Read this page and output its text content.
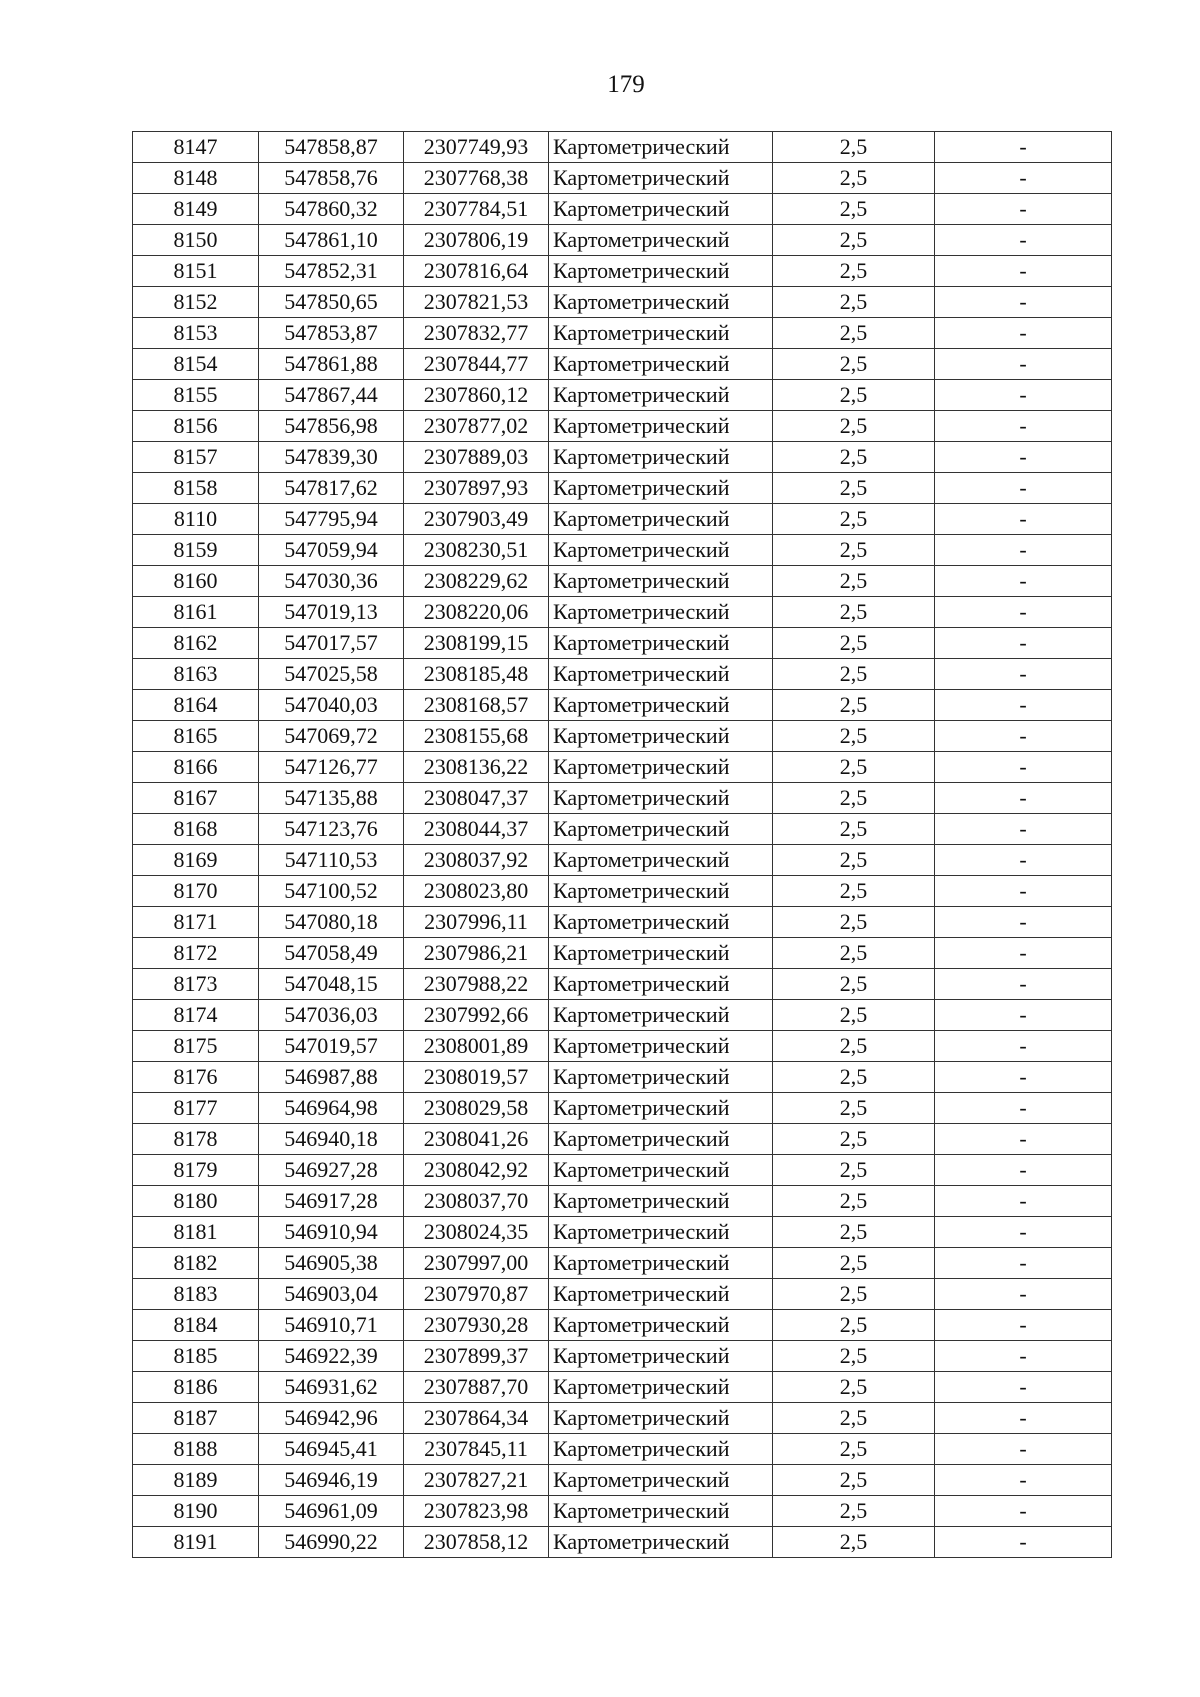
179
8147	547858,87	2307749,93	Картометрический	2,5	-
8148	547858,76	2307768,38	Картометрический	2,5	-
8149	547860,32	2307784,51	Картометрический	2,5	-
8150	547861,10	2307806,19	Картометрический	2,5	-
8151	547852,31	2307816,64	Картометрический	2,5	-
8152	547850,65	2307821,53	Картометрический	2,5	-
8153	547853,87	2307832,77	Картометрический	2,5	-
8154	547861,88	2307844,77	Картометрический	2,5	-
8155	547867,44	2307860,12	Картометрический	2,5	-
8156	547856,98	2307877,02	Картометрический	2,5	-
8157	547839,30	2307889,03	Картометрический	2,5	-
8158	547817,62	2307897,93	Картометрический	2,5	-
8110	547795,94	2307903,49	Картометрический	2,5	-
8159	547059,94	2308230,51	Картометрический	2,5	-
8160	547030,36	2308229,62	Картометрический	2,5	-
8161	547019,13	2308220,06	Картометрический	2,5	-
8162	547017,57	2308199,15	Картометрический	2,5	-
8163	547025,58	2308185,48	Картометрический	2,5	-
8164	547040,03	2308168,57	Картометрический	2,5	-
8165	547069,72	2308155,68	Картометрический	2,5	-
8166	547126,77	2308136,22	Картометрический	2,5	-
8167	547135,88	2308047,37	Картометрический	2,5	-
8168	547123,76	2308044,37	Картометрический	2,5	-
8169	547110,53	2308037,92	Картометрический	2,5	-
8170	547100,52	2308023,80	Картометрический	2,5	-
8171	547080,18	2307996,11	Картометрический	2,5	-
8172	547058,49	2307986,21	Картометрический	2,5	-
8173	547048,15	2307988,22	Картометрический	2,5	-
8174	547036,03	2307992,66	Картометрический	2,5	-
8175	547019,57	2308001,89	Картометрический	2,5	-
8176	546987,88	2308019,57	Картометрический	2,5	-
8177	546964,98	2308029,58	Картометрический	2,5	-
8178	546940,18	2308041,26	Картометрический	2,5	-
8179	546927,28	2308042,92	Картометрический	2,5	-
8180	546917,28	2308037,70	Картометрический	2,5	-
8181	546910,94	2308024,35	Картометрический	2,5	-
8182	546905,38	2307997,00	Картометрический	2,5	-
8183	546903,04	2307970,87	Картометрический	2,5	-
8184	546910,71	2307930,28	Картометрический	2,5	-
8185	546922,39	2307899,37	Картометрический	2,5	-
8186	546931,62	2307887,70	Картометрический	2,5	-
8187	546942,96	2307864,34	Картометрический	2,5	-
8188	546945,41	2307845,11	Картометрический	2,5	-
8189	546946,19	2307827,21	Картометрический	2,5	-
8190	546961,09	2307823,98	Картометрический	2,5	-
8191	546990,22	2307858,12	Картометрический	2,5	-
